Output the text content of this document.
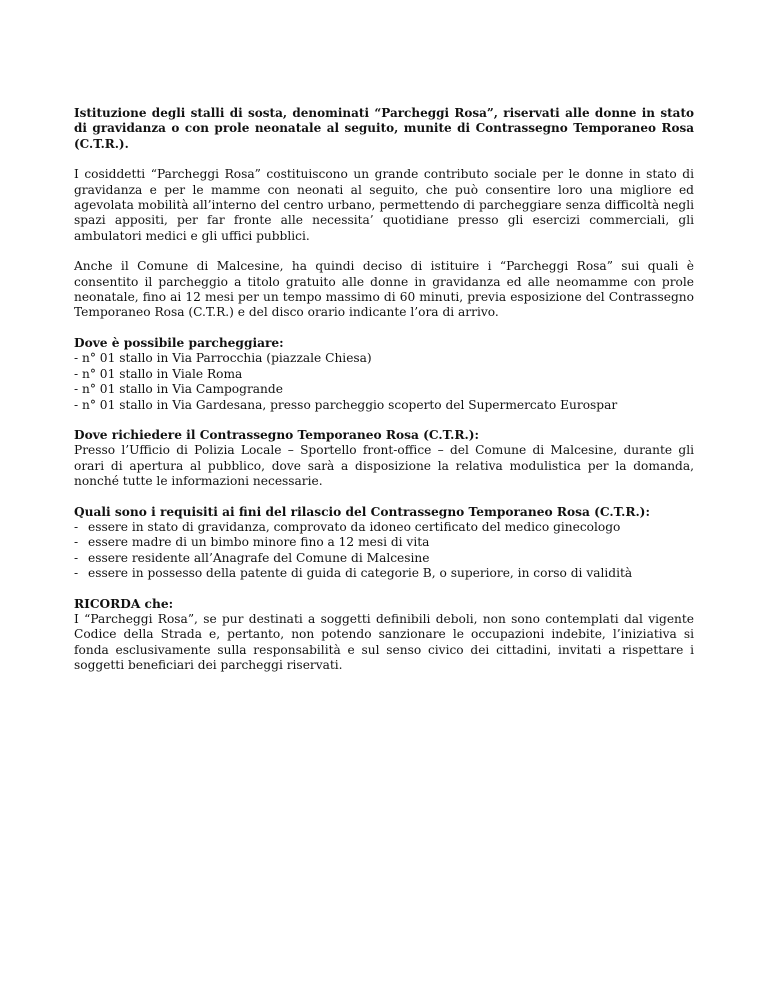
Istituzione degli stalli di sosta, denominati “Parcheggi Rosa”, riservati alle donne in stato di gravidanza o con prole neonatale al seguito, munite di Contrassegno Temporaneo Rosa (C.T.R.).

I cosiddetti “Parcheggi Rosa” costituiscono un grande contributo sociale per le donne in stato di gravidanza e per le mamme con neonati al seguito, che può consentire loro una migliore ed agevolata mobilità all’interno del centro urbano, permettendo di parcheggiare senza difficoltà negli spazi appositi, per far fronte alle necessita’ quotidiane presso gli esercizi commerciali, gli ambulatori medici e gli uffici pubblici.

Anche il Comune di Malcesine, ha quindi deciso di istituire i “Parcheggi Rosa” sui quali è consentito il parcheggio a titolo gratuito alle donne in gravidanza ed alle neomamme con prole neonatale, fino ai 12 mesi per un tempo massimo di 60 minuti, previa esposizione del Contrassegno Temporaneo Rosa (C.T.R.) e del disco orario indicante l’ora di arrivo.

Dove è possibile parcheggiare:
- n° 01 stallo in Via Parrocchia (piazzale Chiesa)
- n° 01 stallo in Viale Roma
- n° 01 stallo in Via Campogrande
- n° 01 stallo in Via Gardesana, presso parcheggio scoperto del Supermercato Eurospar
Dove richiedere il Contrassegno Temporaneo Rosa (C.T.R.):

Presso l’Ufficio di Polizia Locale – Sportello front-office – del Comune di Malcesine, durante gli orari di apertura al pubblico, dove sarà a disposizione la relativa modulistica per la domanda, nonché tutte le informazioni necessarie.

Quali sono i requisiti ai fini del rilascio del Contrassegno Temporaneo Rosa (C.T.R.):
- essere in stato di gravidanza, comprovato da idoneo certificato del medico ginecologo
- essere madre di un bimbo minore fino a 12 mesi di vita
- essere residente all’Anagrafe del Comune di Malcesine
- essere in possesso della patente di guida di categorie B, o superiore, in corso di validità
RICORDA che:

I “Parcheggi Rosa”, se pur destinati a soggetti definibili deboli, non sono contemplati dal vigente Codice della Strada e, pertanto, non potendo sanzionare le occupazioni indebite, l’iniziativa si fonda esclusivamente sulla responsabilità e sul senso civico dei cittadini, invitati a rispettare i soggetti beneficiari dei parcheggi riservati.
